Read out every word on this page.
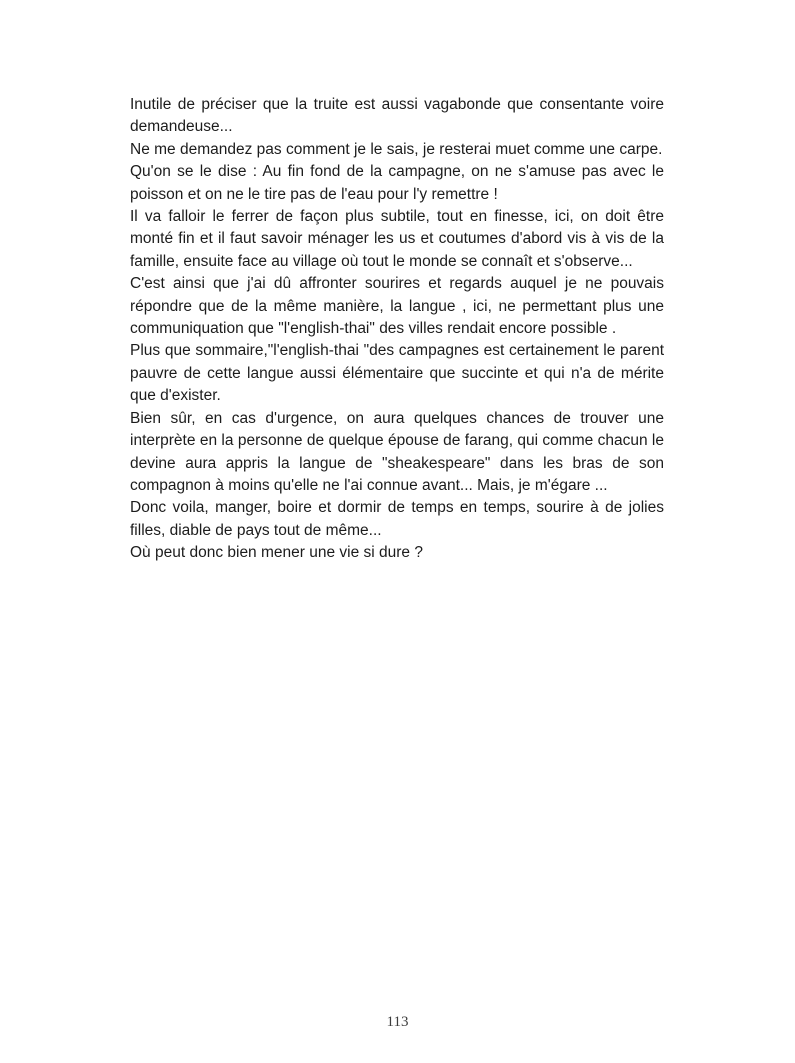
Inutile de préciser que la truite est aussi vagabonde que consentante voire demandeuse...

Ne me demandez pas comment je le sais, je resterai muet comme une carpe.

Qu'on se le dise : Au fin fond de la campagne, on ne s'amuse pas avec le poisson et on ne le tire pas de l'eau pour l'y remettre !

Il va falloir le ferrer de façon plus subtile, tout en finesse, ici, on doit être monté fin et il faut savoir ménager les us et coutumes d'abord vis à vis de la famille, ensuite face au village où tout le monde se connaît et s'observe...

C'est ainsi que j'ai dû affronter sourires et regards auquel je ne pouvais répondre que de la même manière, la langue , ici, ne permettant plus une communiquation que "l'english-thai" des villes rendait encore possible .

Plus que sommaire,"l'english-thai "des campagnes est certainement le parent pauvre de cette langue aussi élémentaire que succinte et qui n'a de mérite que d'exister.

Bien sûr, en cas d'urgence, on aura quelques chances de trouver une interprète en la personne de quelque épouse de farang, qui comme chacun le devine aura appris la langue de "sheakespeare" dans les bras de son compagnon à moins qu'elle ne l'ai connue avant... Mais, je m'égare ...

Donc voila, manger, boire et dormir de temps en temps, sourire à de jolies filles, diable de pays tout de même...

Où peut donc bien mener une vie si dure ?

113
